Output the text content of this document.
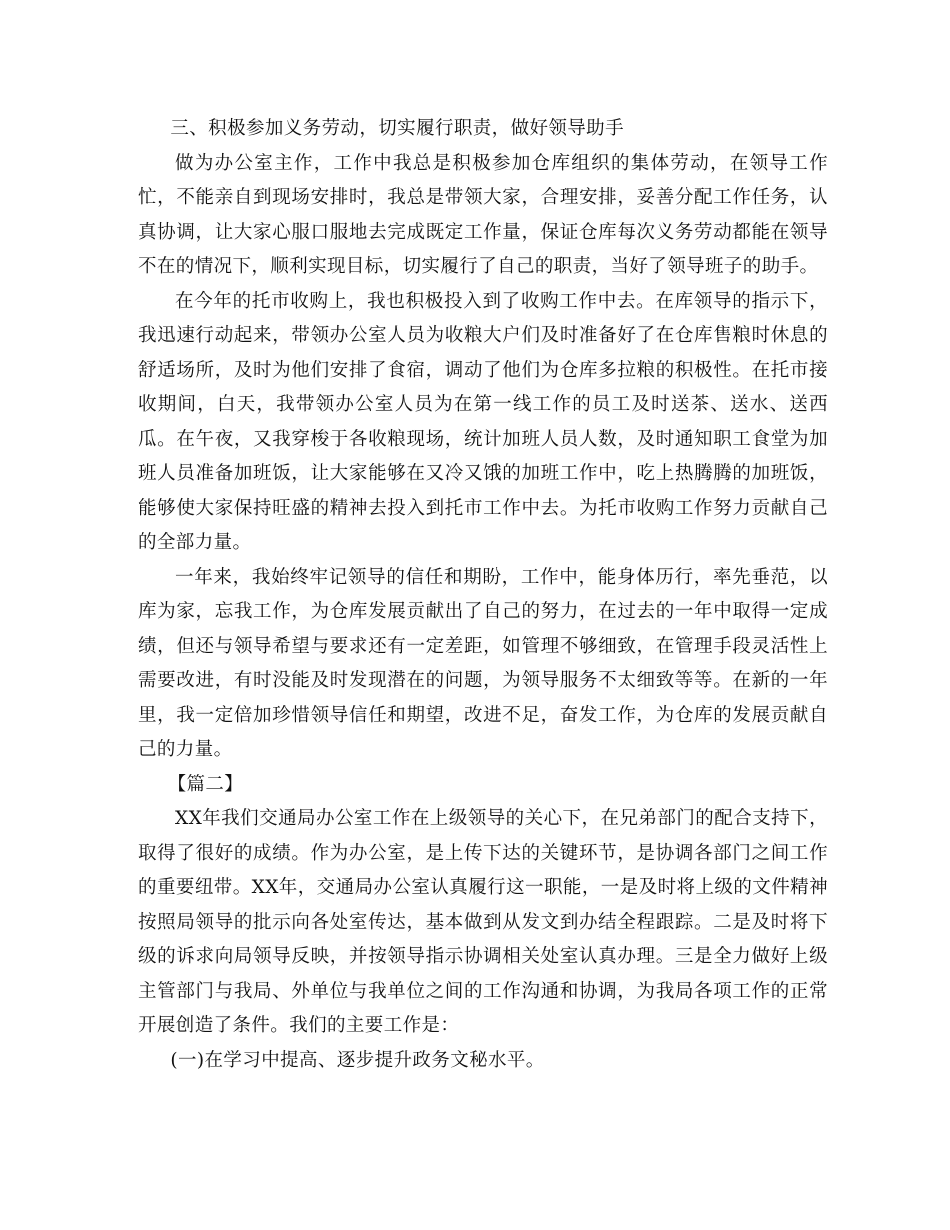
三、积极参加义务劳动，切实履行职责，做好领导助手

做为办公室主作，工作中我总是积极参加仓库组织的集体劳动，在领导工作忙，不能亲自到现场安排时，我总是带领大家，合理安排，妥善分配工作任务，认真协调，让大家心服口服地去完成既定工作量，保证仓库每次义务劳动都能在领导不在的情况下，顺利实现目标，切实履行了自己的职责，当好了领导班子的助手。

在今年的托市收购上，我也积极投入到了收购工作中去。在库领导的指示下，我迅速行动起来，带领办公室人员为收粮大户们及时准备好了在仓库售粮时休息的舒适场所，及时为他们安排了食宿，调动了他们为仓库多拉粮的积极性。在托市接收期间，白天，我带领办公室人员为在第一线工作的员工及时送茶、送水、送西瓜。在午夜，又我穿梭于各收粮现场，统计加班人员人数，及时通知职工食堂为加班人员准备加班饭，让大家能够在又冷又饿的加班工作中，吃上热腾腾的加班饭，能够使大家保持旺盛的精神去投入到托市工作中去。为托市收购工作努力贡献自己的全部力量。

一年来，我始终牢记领导的信任和期盼，工作中，能身体历行，率先垂范，以库为家，忘我工作，为仓库发展贡献出了自己的努力，在过去的一年中取得一定成绩，但还与领导希望与要求还有一定差距，如管理不够细致，在管理手段灵活性上需要改进，有时没能及时发现潜在的问题，为领导服务不太细致等等。在新的一年里，我一定倍加珍惜领导信任和期望，改进不足，奋发工作，为仓库的发展贡献自己的力量。

【篇二】

XX年我们交通局办公室工作在上级领导的关心下，在兄弟部门的配合支持下，取得了很好的成绩。作为办公室，是上传下达的关键环节，是协调各部门之间工作的重要纽带。XX年，交通局办公室认真履行这一职能，一是及时将上级的文件精神按照局领导的批示向各处室传达，基本做到从发文到办结全程跟踪。二是及时将下级的诉求向局领导反映，并按领导指示协调相关处室认真办理。三是全力做好上级主管部门与我局、外单位与我单位之间的工作沟通和协调，为我局各项工作的正常开展创造了条件。我们的主要工作是：

(一)在学习中提高、逐步提升政务文秘水平。
